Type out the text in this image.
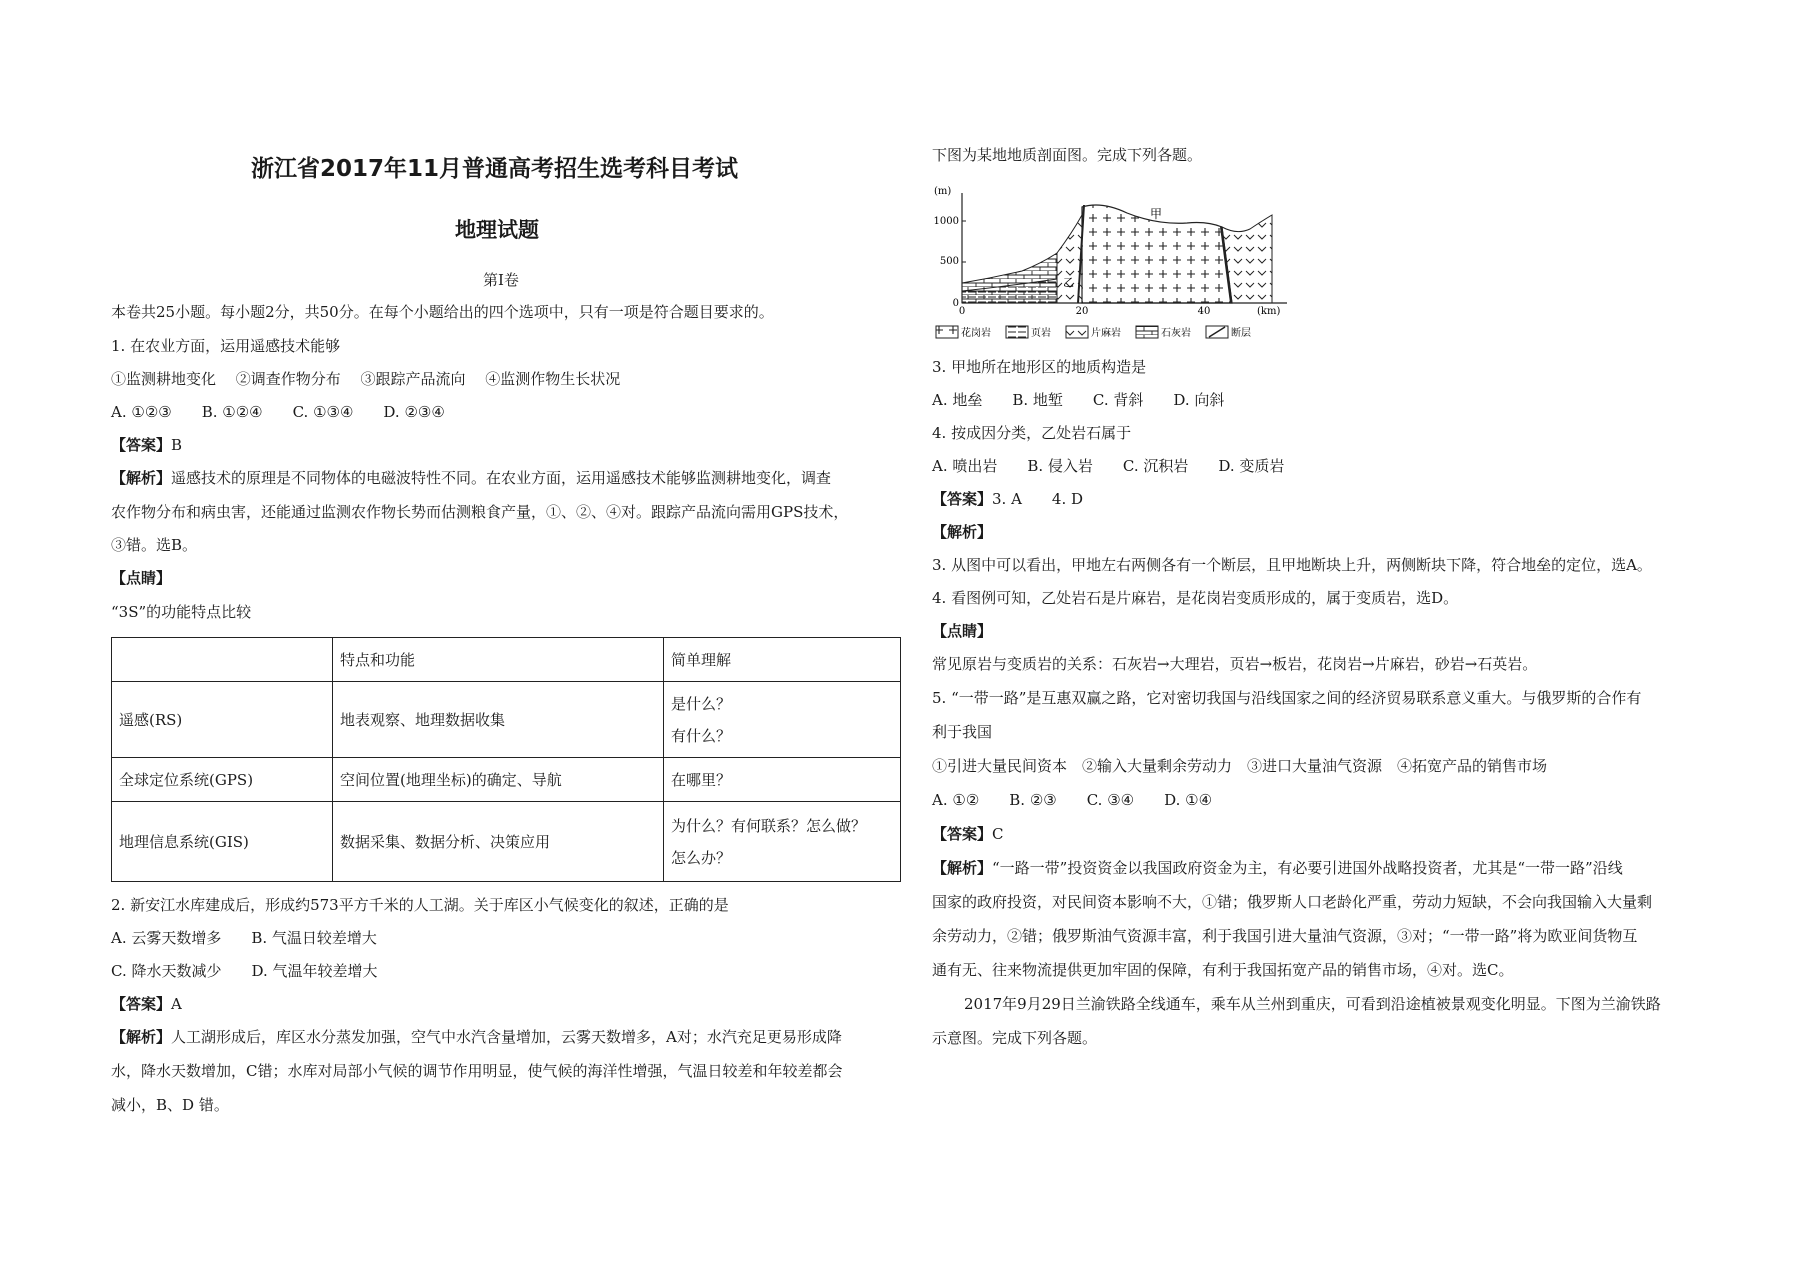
浙江省2017年11月普通高考招生选考科目考试
地理试题
第Ⅰ卷
本卷共25小题。每小题2分，共50分。在每个小题给出的四个选项中，只有一项是符合题目要求的。
1. 在农业方面，运用遥感技术能够
①监测耕地变化　 ②调查作物分布　 ③跟踪产品流向　 ④监测作物生长状况
A. ①②③　　B. ①②④　　C. ①③④　　D. ②③④
【答案】B
【解析】遥感技术的原理是不同物体的电磁波特性不同。在农业方面，运用遥感技术能够监测耕地变化，调查
农作物分布和病虫害，还能通过监测农作物长势而估测粮食产量，①、②、④对。跟踪产品流向需用GPS技术，
③错。选B。
【点睛】
“3S”的功能特点比较
	特点和功能	简单理解
遥感(RS)	地表观察、地理数据收集	是什么？

有什么？

全球定位系统(GPS)	空间位置(地理坐标)的确定、导航	在哪里？

地理信息系统(GIS)	数据采集、数据分析、决策应用	为什么？有何联系？怎么做？

怎么办？

2. 新安江水库建成后，形成约573平方千米的人工湖。关于库区小气候变化的叙述，正确的是
A. 云雾天数增多　　B. 气温日较差增大
C. 降水天数减少　　D. 气温年较差增大
【答案】A
【解析】人工湖形成后，库区水分蒸发加强，空气中水汽含量增加，云雾天数增多，A对；水汽充足更易形成降
水，降水天数增加，C错；水库对局部小气候的调节作用明显，使气候的海洋性增强，气温日较差和年较差都会
减小，B、D 错。
下图为某地地质剖面图。完成下列各题。
(m)
1000
500
0
0	20	40	(km)
甲
乙
花岗岩	页岩	片麻岩	石灰岩	断层
3. 甲地所在地形区的地质构造是
A. 地垒　　B. 地堑　　C. 背斜　　D. 向斜
4. 按成因分类，乙处岩石属于
A. 喷出岩　　B. 侵入岩　　C. 沉积岩　　D. 变质岩
【答案】3. A　　4. D
【解析】
3. 从图中可以看出，甲地左右两侧各有一个断层，且甲地断块上升，两侧断块下降，符合地垒的定位，选A。
4. 看图例可知，乙处岩石是片麻岩，是花岗岩变质形成的，属于变质岩，选D。
【点睛】
常见原岩与变质岩的关系：石灰岩→大理岩，页岩→板岩，花岗岩→片麻岩，砂岩→石英岩。
5. “一带一路”是互惠双赢之路，它对密切我国与沿线国家之间的经济贸易联系意义重大。与俄罗斯的合作有
利于我国
①引进大量民间资本　②输入大量剩余劳动力　③进口大量油气资源　④拓宽产品的销售市场
A. ①②　　B. ②③　　C. ③④　　D. ①④
【答案】C
【解析】“一路一带”投资资金以我国政府资金为主，有必要引进国外战略投资者，尤其是“一带一路”沿线
国家的政府投资，对民间资本影响不大，①错；俄罗斯人口老龄化严重，劳动力短缺，不会向我国输入大量剩
余劳动力，②错；俄罗斯油气资源丰富，利于我国引进大量油气资源，③对；“一带一路”将为欧亚间货物互
通有无、往来物流提供更加牢固的保障，有利于我国拓宽产品的销售市场，④对。选C。
2017年9月29日兰渝铁路全线通车，乘车从兰州到重庆，可看到沿途植被景观变化明显。下图为兰渝铁路
示意图。完成下列各题。
